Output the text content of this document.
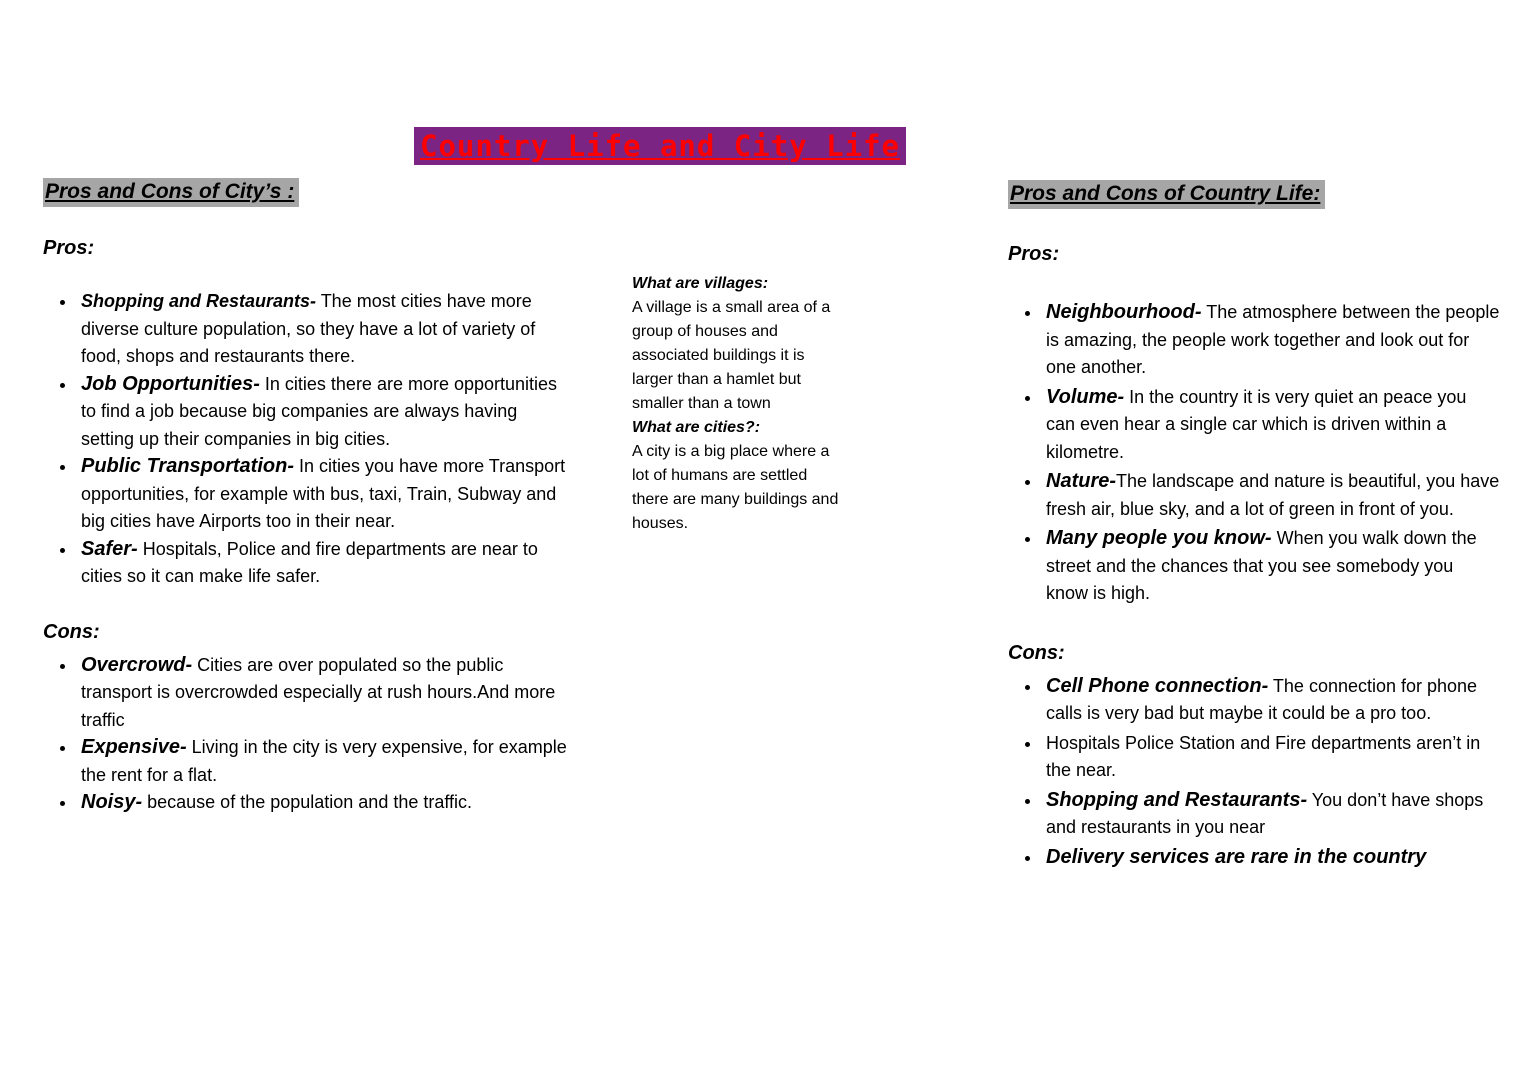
Country Life and City Life
Pros and Cons of City’s :
Pros:
• Shopping and Restaurants- The most cities have more diverse culture population, so they have a lot of variety of food, shops and restaurants there.
• Job Opportunities- In cities there are more opportunities to find a job because big companies are always having setting up their companies in big cities.
• Public Transportation- In cities you have more Transport opportunities, for example with bus, taxi, Train, Subway and big cities have Airports too in their near.
• Safer- Hospitals, Police and fire departments are near to cities so it can make life safer.
Cons:
• Overcrowd- Cities are over populated so the public transport is overcrowded especially at rush hours.And more traffic
• Expensive- Living in the city is very expensive, for example the rent for a flat.
• Noisy- because of the population and the traffic.
What are villages:
A village is a small area of a group of houses and associated buildings it is larger than a hamlet but smaller than a town
What are cities?:
A city is a big place where a lot of humans are settled there are many buildings and houses.
Pros and Cons of Country Life:
Pros:
• Neighbourhood- The atmosphere between the people is amazing, the people work together and look out for one another.
• Volume- In the country it is very quiet an peace you can even hear a single car which is driven within a kilometre.
• Nature-The landscape and nature is beautiful, you have fresh air, blue sky, and a lot of green in front of you.
• Many people you know- When you walk down the street and the chances that you see somebody you know is high.
Cons:
• Cell Phone connection- The connection for phone calls is very bad but maybe it could be a pro too.
• Hospitals Police Station and Fire departments aren’t in the near.
• Shopping and Restaurants- You don’t have shops and restaurants in you near
• Delivery services are rare in the country
